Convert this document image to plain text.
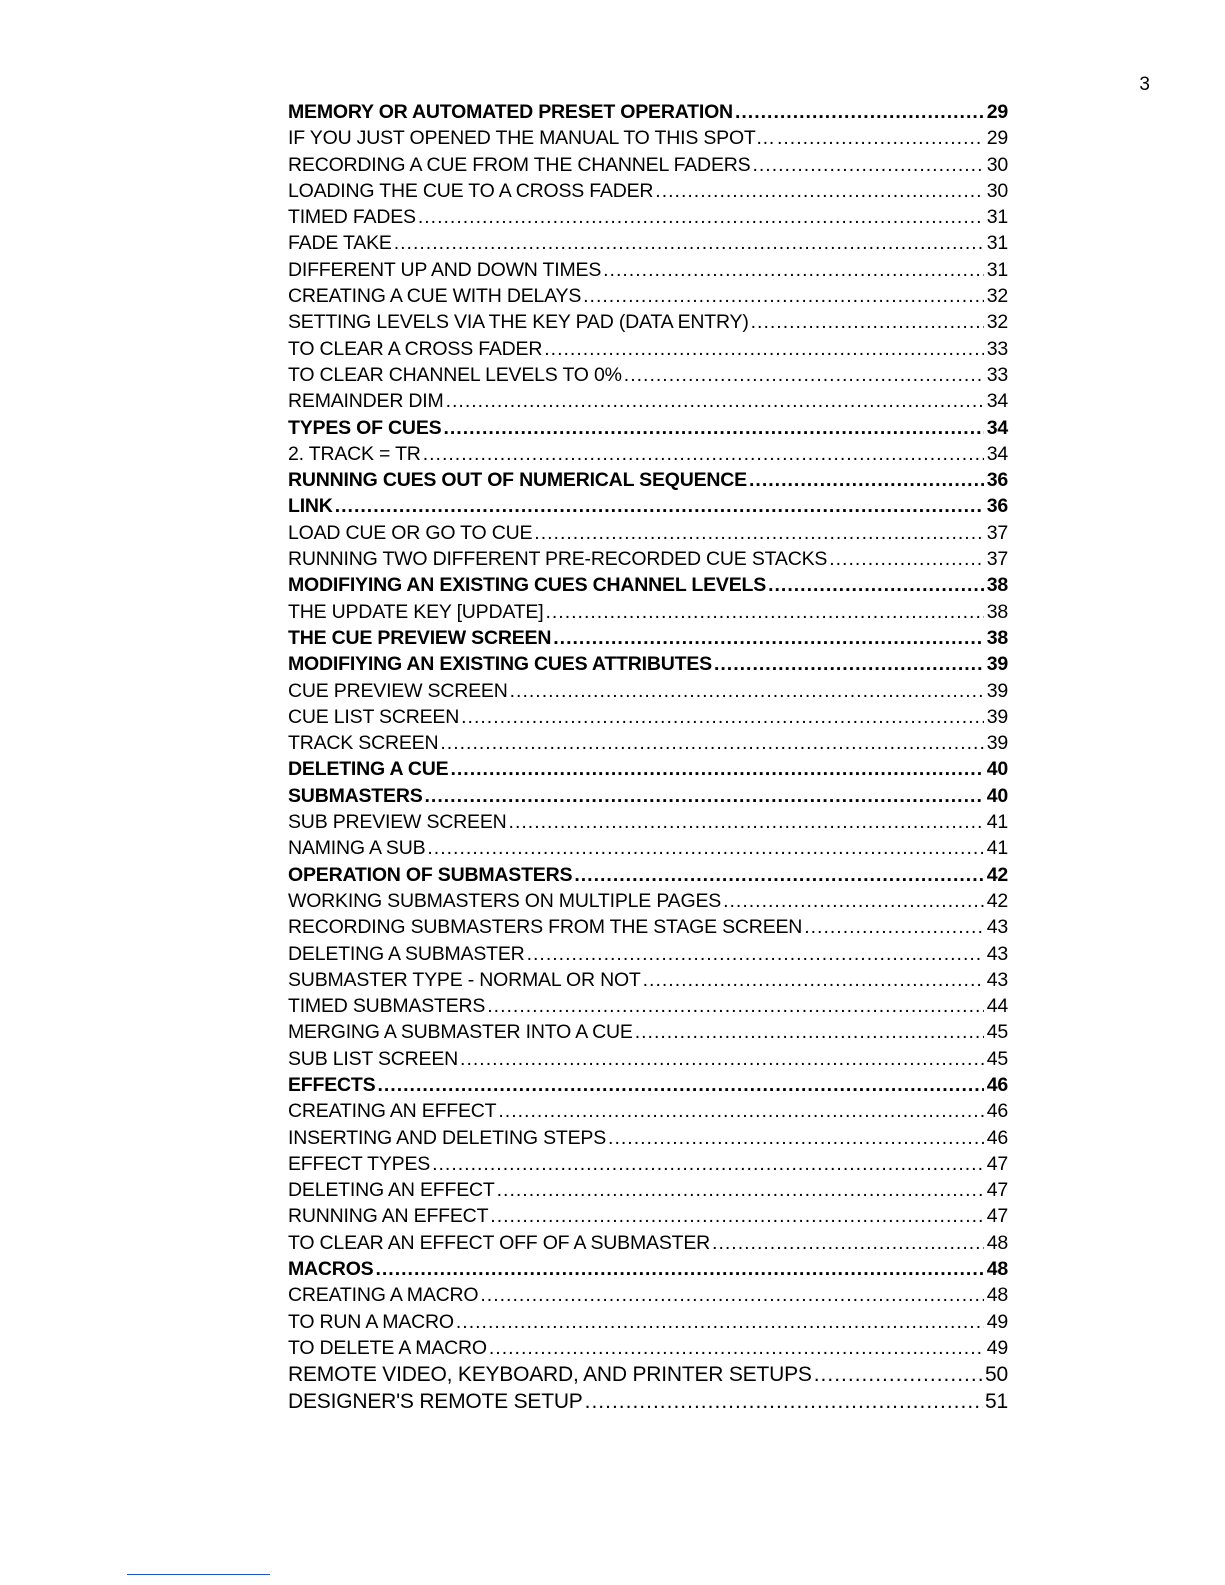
3
MEMORY OR AUTOMATED PRESET OPERATION .....	29
IF YOU JUST OPENED THE MANUAL TO THIS SPOT… .....	29
RECORDING A CUE FROM THE CHANNEL FADERS .....	30
LOADING THE CUE TO A CROSS FADER .....	30
TIMED FADES .....	31
FADE TAKE .....	31
DIFFERENT UP AND DOWN TIMES .....	31
CREATING A CUE WITH DELAYS .....	32
SETTING LEVELS VIA THE KEY PAD (DATA ENTRY) .....	32
TO CLEAR A CROSS FADER .....	33
TO CLEAR CHANNEL LEVELS TO 0% .....	33
REMAINDER DIM .....	34
TYPES OF CUES .....	34
2. TRACK = TR .....	34
RUNNING CUES OUT OF NUMERICAL SEQUENCE .....	36
LINK .....	36
LOAD CUE OR GO TO CUE .....	37
RUNNING TWO DIFFERENT PRE-RECORDED CUE STACKS .....	37
MODIFIYING AN EXISTING CUES CHANNEL LEVELS .....	38
THE UPDATE KEY [UPDATE] .....	38
THE CUE PREVIEW SCREEN .....	38
MODIFIYING AN EXISTING CUES ATTRIBUTES .....	39
CUE PREVIEW SCREEN .....	39
CUE LIST SCREEN .....	39
TRACK SCREEN .....	39
DELETING A CUE .....	40
SUBMASTERS .....	40
SUB PREVIEW SCREEN .....	41
NAMING A SUB .....	41
OPERATION OF SUBMASTERS .....	42
WORKING SUBMASTERS ON MULTIPLE PAGES .....	42
RECORDING SUBMASTERS FROM THE STAGE SCREEN .....	43
DELETING A SUBMASTER .....	43
SUBMASTER TYPE - NORMAL OR NOT .....	43
TIMED SUBMASTERS .....	44
MERGING A SUBMASTER INTO A CUE .....	45
SUB LIST SCREEN .....	45
EFFECTS .....	46
CREATING AN EFFECT .....	46
INSERTING AND DELETING STEPS .....	46
EFFECT TYPES .....	47
DELETING AN EFFECT .....	47
RUNNING AN EFFECT .....	47
TO CLEAR AN EFFECT OFF OF A SUBMASTER .....	48
MACROS .....	48
CREATING A MACRO .....	48
TO RUN A MACRO .....	49
TO DELETE A MACRO .....	49
REMOTE VIDEO, KEYBOARD, AND PRINTER SETUPS .....	50
DESIGNER'S REMOTE SETUP .....	51
